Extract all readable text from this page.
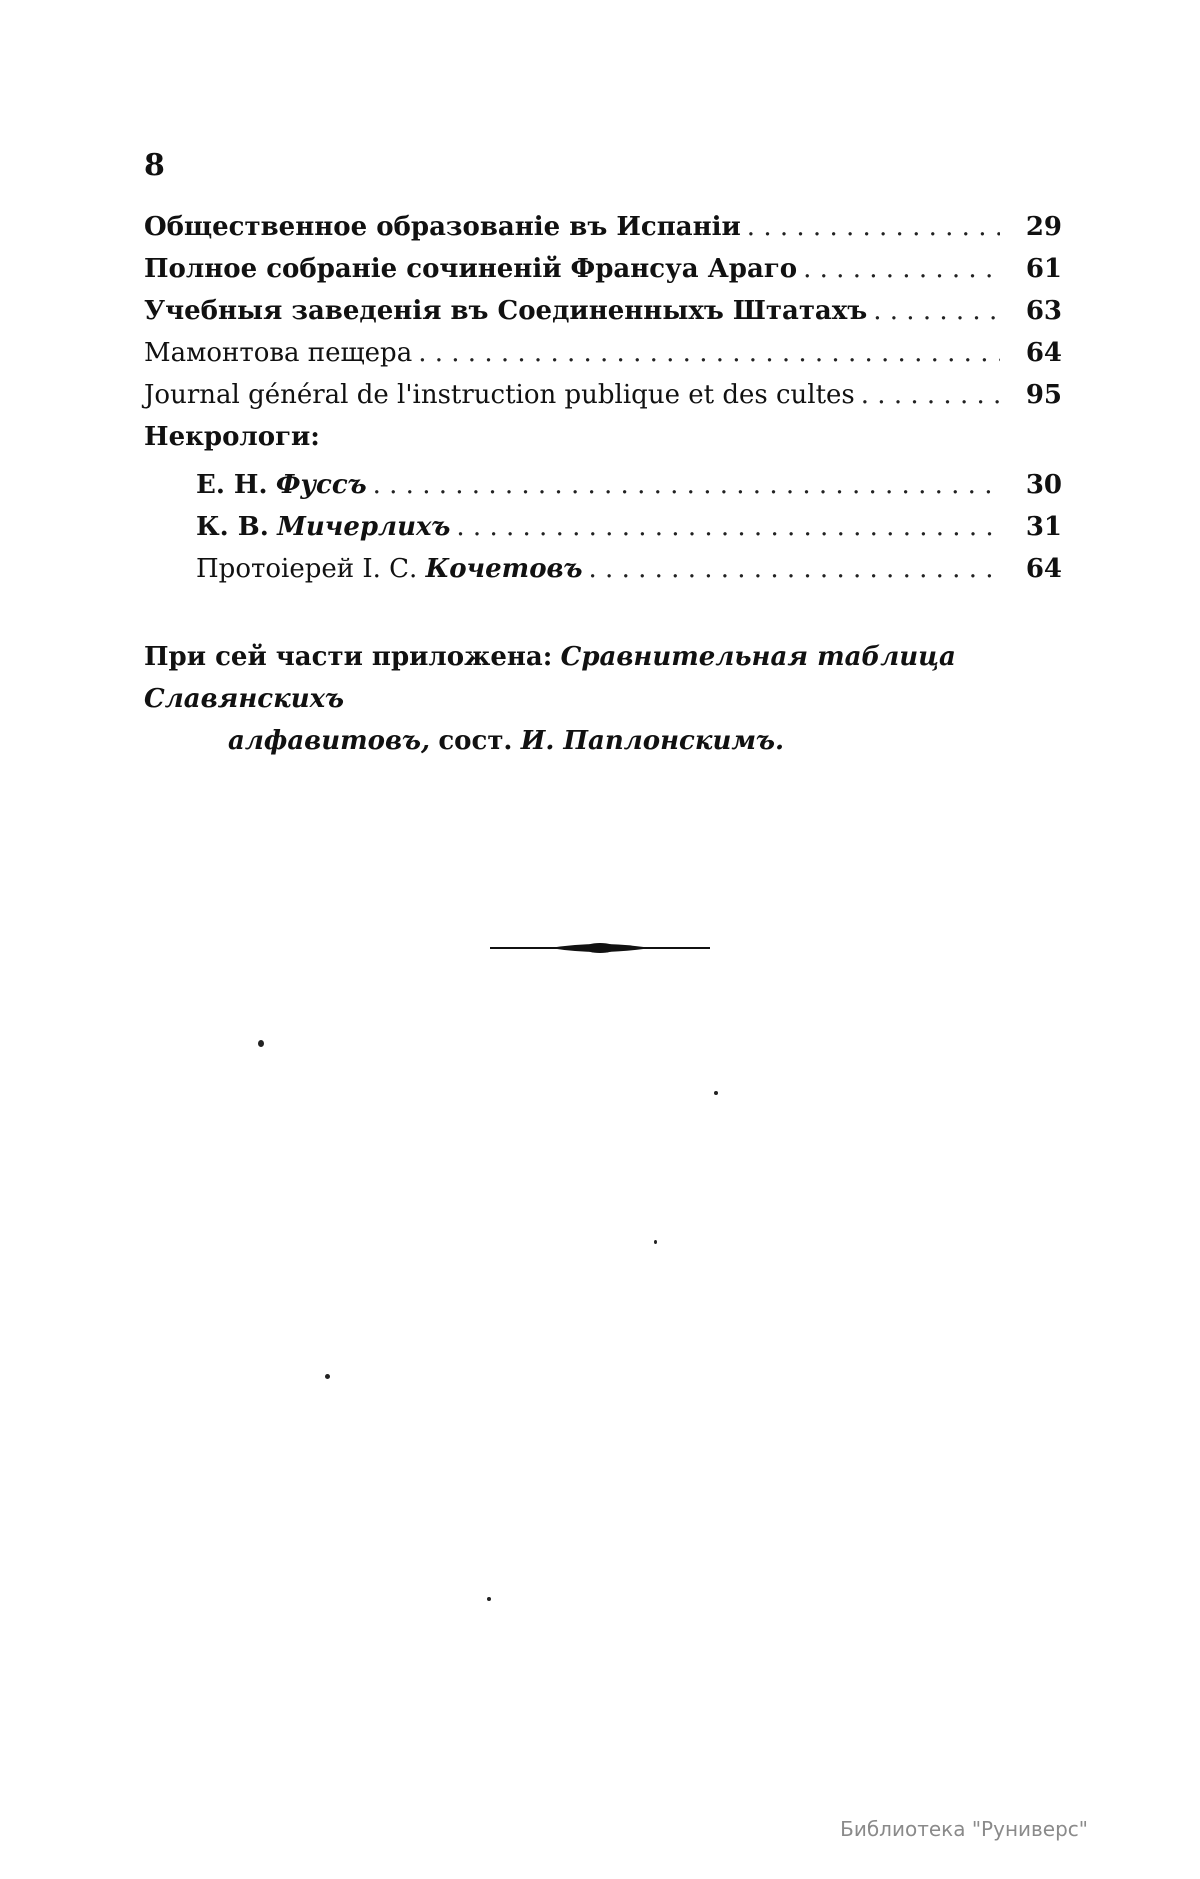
8
Общественное образованіе въ Испаніи . . .	29
Полное собраніе сочиненій Франсуа Араго . . .	61
Учебныя заведенія въ Соединенныхъ Штатахъ . . .	63
Мамонтова пещера . . .	64
Journal général de l'instruction publique et des cultes . . .	95
Некрологи:
Е. Н. Фуссъ . . .	30
К. В. Мичерлихъ . . .	31
Протоіерей І. С. Кочетовъ . . .	64
При сей части приложена: Сравнительная таблица Славянскихъ
алфавитовъ, сост. И. Паплонскимъ.
Библиотека "Руниверс"
